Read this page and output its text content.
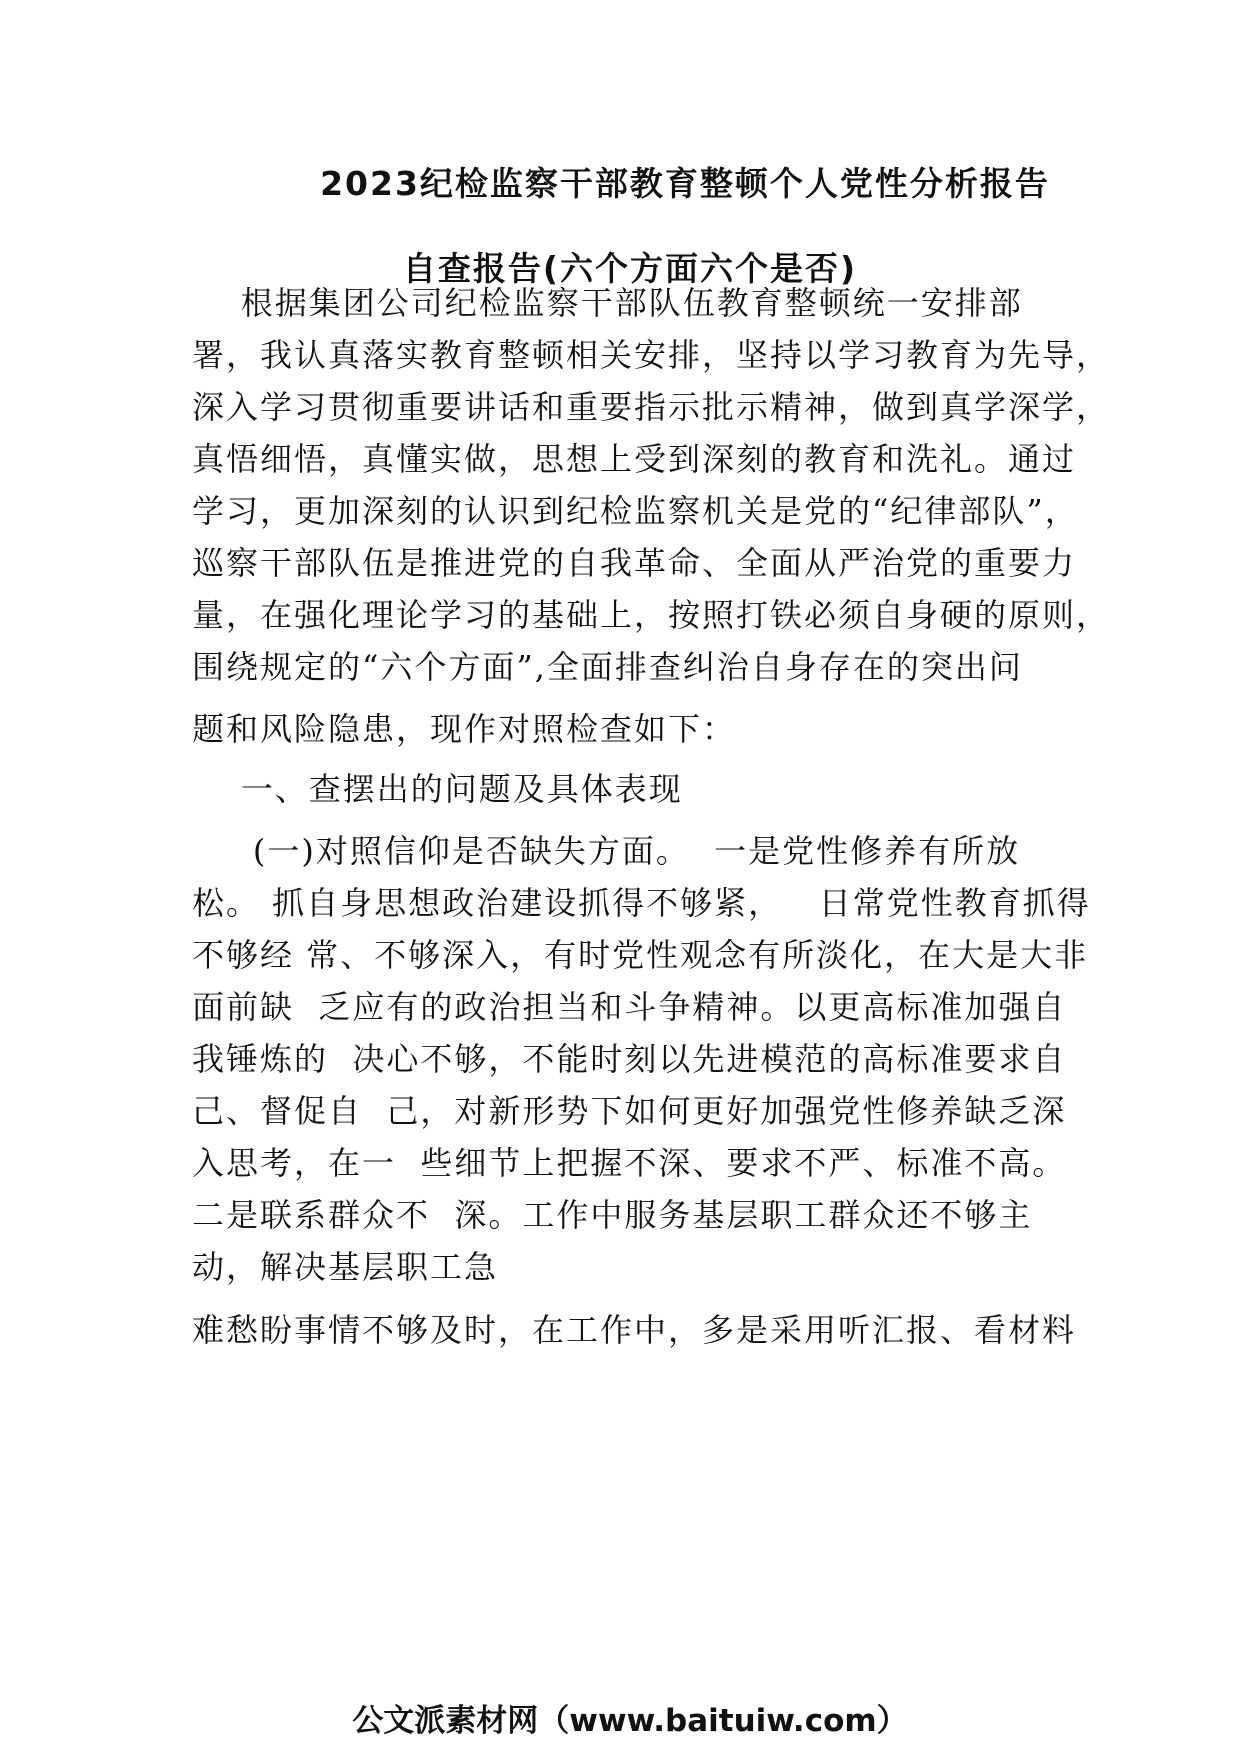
2023纪检监察干部教育整顿个人党性分析报告
自查报告(六个方面六个是否)

根据集团公司纪检监察干部队伍教育整顿统一安排部

署，我认真落实教育整顿相关安排，坚持以学习教育为先导，

深入学习贯彻重要讲话和重要指示批示精神，做到真学深学，

真悟细悟，真懂实做，思想上受到深刻的教育和洗礼。通过

学习，更加深刻的认识到纪检监察机关是党的“纪律部队”，

巡察干部队伍是推进党的自我革命、全面从严治党的重要力

量，在强化理论学习的基础上，按照打铁必须自身硬的原则，

围绕规定的“六个方面”,全面排查纠治自身存在的突出问

题和风险隐患，现作对照检查如下：

一、查摆出的问题及具体表现

(一)对照信仰是否缺失方面。  一是党性修养有所放

松。 抓自身思想政治建设抓得不够紧，   日常党性教育抓得

不够经 常、不够深入，有时党性观念有所淡化，在大是大非

面前缺  乏应有的政治担当和斗争精神。以更高标准加强自

我锤炼的  决心不够，不能时刻以先进模范的高标准要求自

己、督促自  己，对新形势下如何更好加强党性修养缺乏深

入思考，在一  些细节上把握不深、要求不严、标准不高。

二是联系群众不  深。工作中服务基层职工群众还不够主

动，解决基层职工急

难愁盼事情不够及时，在工作中，多是采用听汇报、看材料

公文派素材网（www.baituiw.com）
